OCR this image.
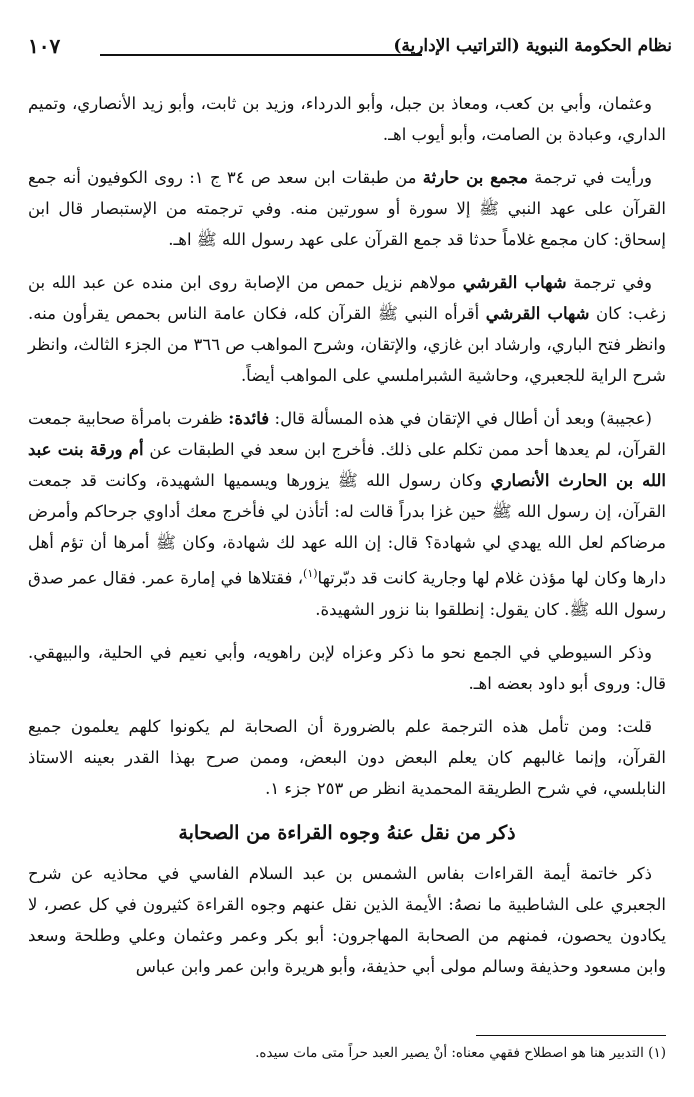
نظام الحكومة النبوية (التراتيب الإدارية)
١٠٧

وعثمان، وأبي بن كعب، ومعاذ بن جبل، وأبو الدرداء، وزيد بن ثابت، وأبو زيد الأنصاري، وتميم الداري، وعبادة بن الصامت، وأبو أيوب اهـ.

ورأيت في ترجمة مجمع بن حارثة من طبقات ابن سعد ص ٣٤ ج ١: روى الكوفيون أنه جمع القرآن على عهد النبي ﷺ إلا سورة أو سورتين منه. وفي ترجمته من الإستبصار قال ابن إسحاق: كان مجمع غلاماً حدثا قد جمع القرآن على عهد رسول الله ﷺ اهـ.

وفي ترجمة شهاب القرشي مولاهم نزيل حمص من الإصابة روى ابن منده عن عبد الله بن زغب: كان شهاب القرشي أقرأه النبي ﷺ القرآن كله، فكان عامة الناس بحمص يقرأون منه. وانظر فتح الباري، وارشاد ابن غازي، والإتقان، وشرح المواهب ص ٣٦٦ من الجزء الثالث، وانظر شرح الراية للجعبري، وحاشية الشبراملسي على المواهب أيضاً.

(عجيبة) وبعد أن أطال في الإتقان في هذه المسألة قال: فائدة: ظفرت بامرأة صحابية جمعت القرآن، لم يعدها أحد ممن تكلم على ذلك. فأخرج ابن سعد في الطبقات عن أم ورقة بنت عبد الله بن الحارث الأنصاري وكان رسول الله ﷺ يزورها ويسميها الشهيدة، وكانت قد جمعت القرآن، إن رسول الله ﷺ حين غزا بدراً قالت له: أتأذن لي فأخرج معك أداوي جرحاكم وأمرض مرضاكم لعل الله يهدي لي شهادة؟ قال: إن الله عهد لك شهادة، وكان ﷺ أمرها أن تؤم أهل دارها وكان لها مؤذن غلام لها وجارية كانت قد دبّرتها$^{(١)}$، فقتلاها في إمارة عمر. فقال عمر صدق رسول الله ﷺ. كان يقول: إنطلقوا بنا نزور الشهيدة.

وذكر السيوطي في الجمع نحو ما ذكر وعزاه لإبن راهويه، وأبي نعيم في الحلية، والبيهقي. قال: وروى أبو داود بعضه اهـ.

قلت: ومن تأمل هذه الترجمة علم بالضرورة أن الصحابة لم يكونوا كلهم يعلمون جميع القرآن، وإنما غالبهم كان يعلم البعض دون البعض، وممن صرح بهذا القدر بعينه الاستاذ النابلسي، في شرح الطريقة المحمدية انظر ص ٢٥٣ جزء ١.

ذكر من نقل عنهُ وجوه القراءة من الصحابة

ذكر خاتمة أيمة القراءات بفاس الشمس بن عبد السلام الفاسي في محاذيه عن شرح الجعبري على الشاطبية ما نصهُ: الأيمة الذين نقل عنهم وجوه القراءة كثيرون في كل عصر، لا يكادون يحصون، فمنهم من الصحابة المهاجرون: أبو بكر وعمر وعثمان وعلي وطلحة وسعد وابن مسعود وحذيفة وسالم مولى أبي حذيفة، وأبو هريرة وابن عمر وابن عباس

(١) التدبير هنا هو اصطلاح فقهي معناه: أنْ يصير العبد حراً متى مات سيده.
